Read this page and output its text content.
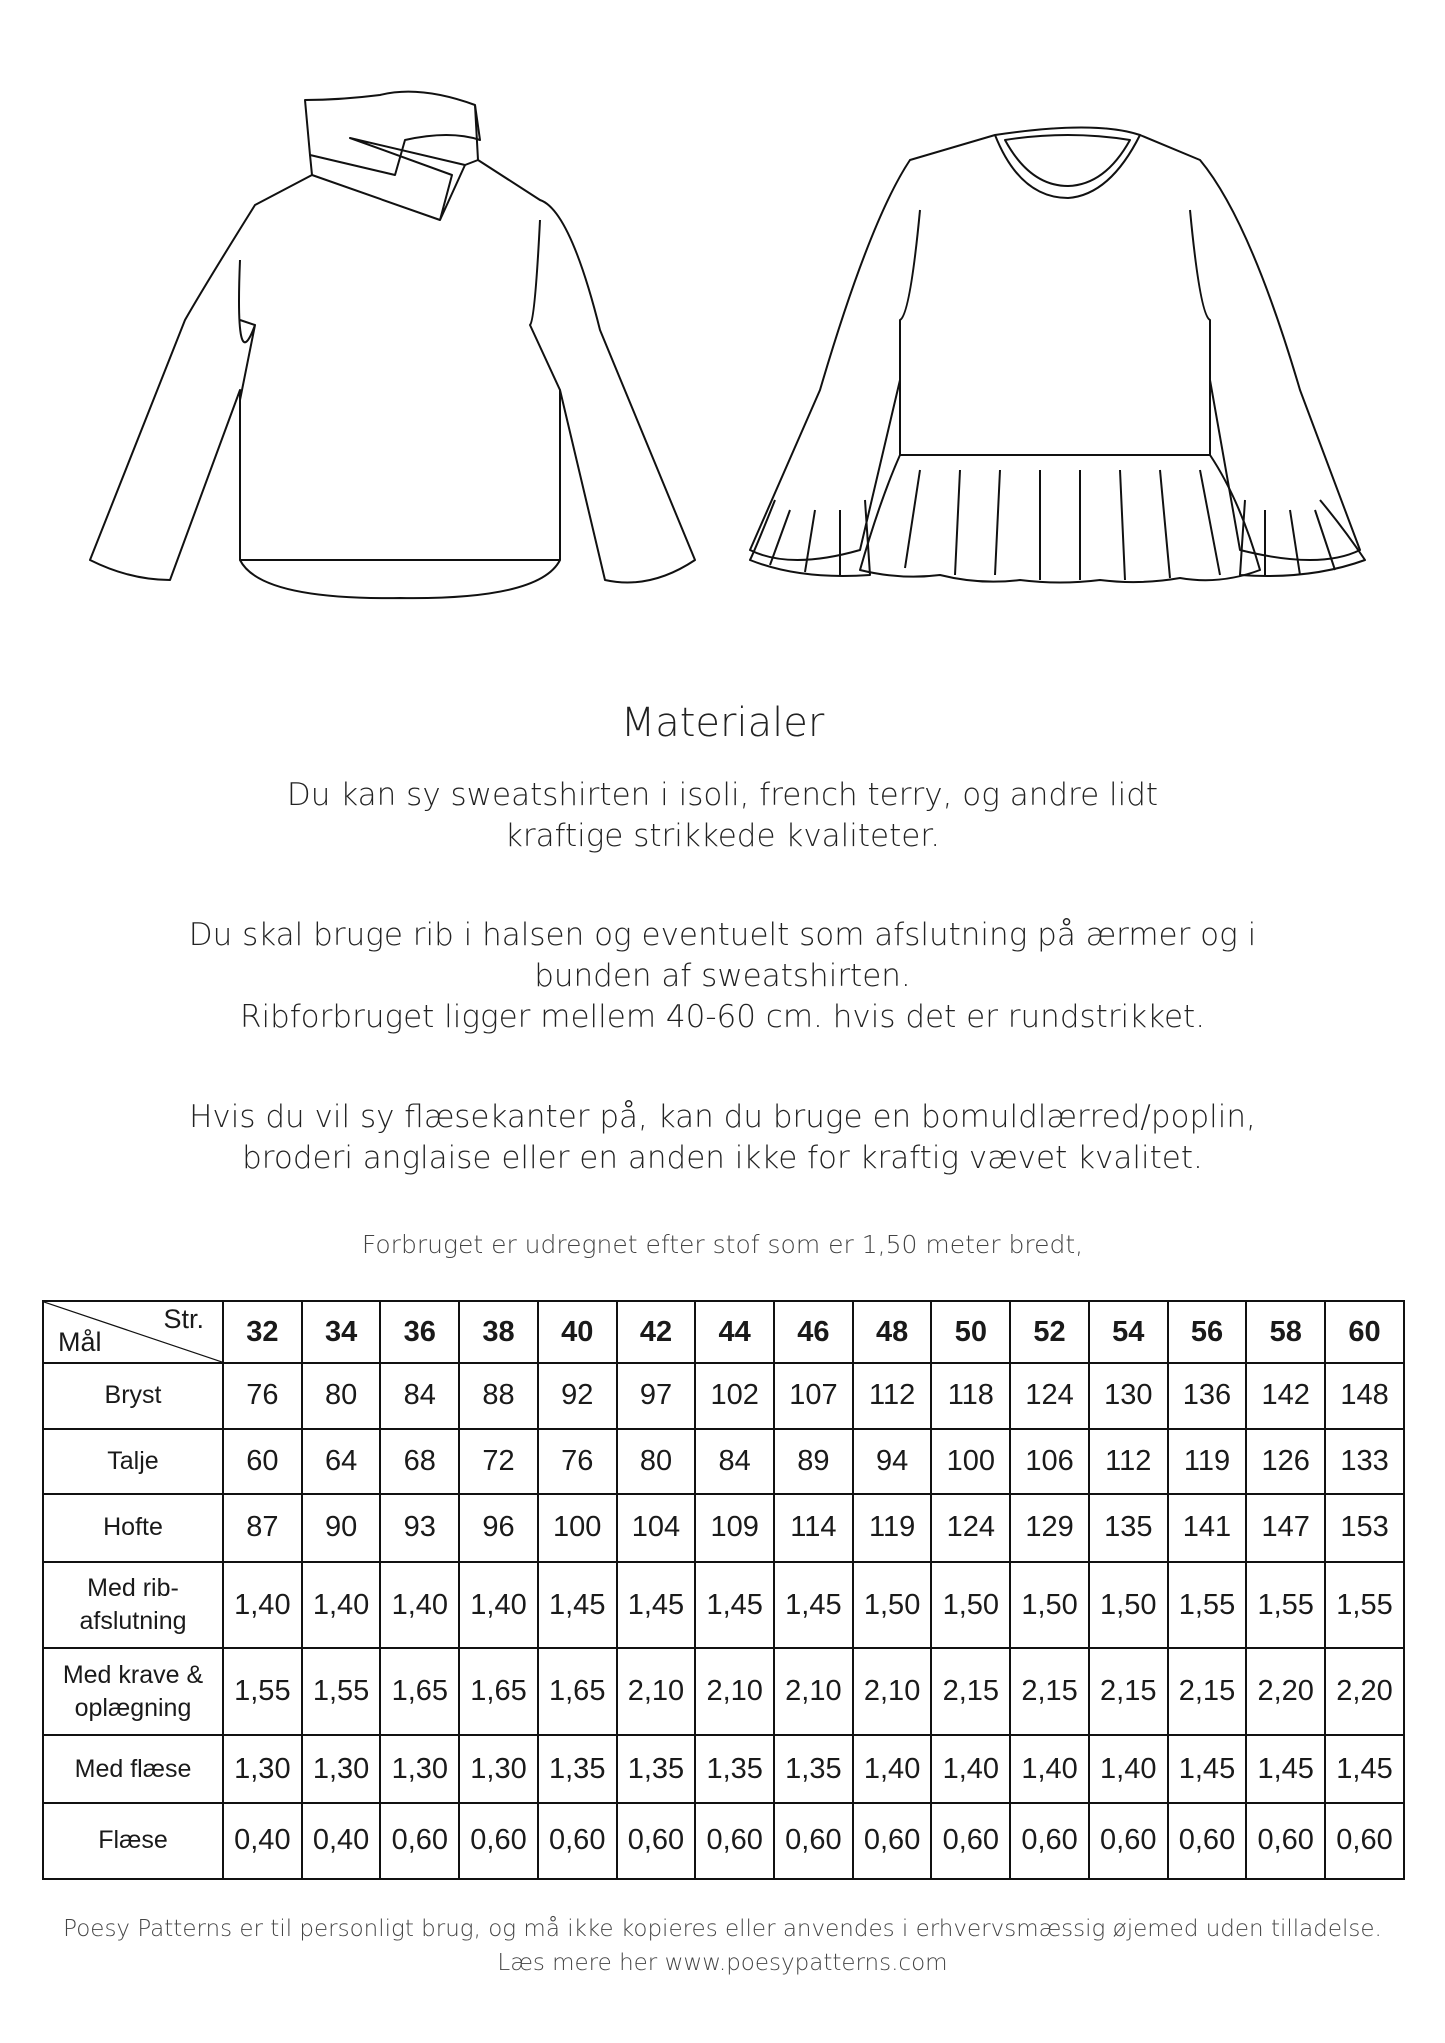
Materialer
Du kan sy sweatshirten i isoli, french terry, og andre lidt
kraftige strikkede kvaliteter.
Du skal bruge rib i halsen og eventuelt som afslutning på ærmer og i
bunden af sweatshirten.
Ribforbruget ligger mellem 40-60 cm. hvis det er rundstrikket.
Hvis du vil sy flæsekanter på, kan du bruge en bomuldlærred/poplin,
broderi anglaise eller en anden ikke for kraftig vævet kvalitet.
Forbruget er udregnet efter stof som er 1,50 meter bredt,
Str.
Mål	32	34	36	38	40	42	44	46	48	50	52	54	56	58	60

Bryst	76	80	84	88	92	97	102	107	112	118	124	130	136	142	148

Talje	60	64	68	72	76	80	84	89	94	100	106	112	119	126	133

Hofte	87	90	93	96	100	104	109	114	119	124	129	135	141	147	153

Med rib-
afslutning	1,40	1,40	1,40	1,40	1,45	1,45	1,45	1,45	1,50	1,50	1,50	1,50	1,55	1,55	1,55

Med krave &
oplægning	1,55	1,55	1,65	1,65	1,65	2,10	2,10	2,10	2,10	2,15	2,15	2,15	2,15	2,20	2,20

Med flæse	1,30	1,30	1,30	1,30	1,35	1,35	1,35	1,35	1,40	1,40	1,40	1,40	1,45	1,45	1,45

Flæse	0,40	0,40	0,60	0,60	0,60	0,60	0,60	0,60	0,60	0,60	0,60	0,60	0,60	0,60	0,60
Poesy Patterns er til personligt brug, og må ikke kopieres eller anvendes i erhvervsmæssig øjemed uden tilladelse.
Læs mere her www.poesypatterns.com
